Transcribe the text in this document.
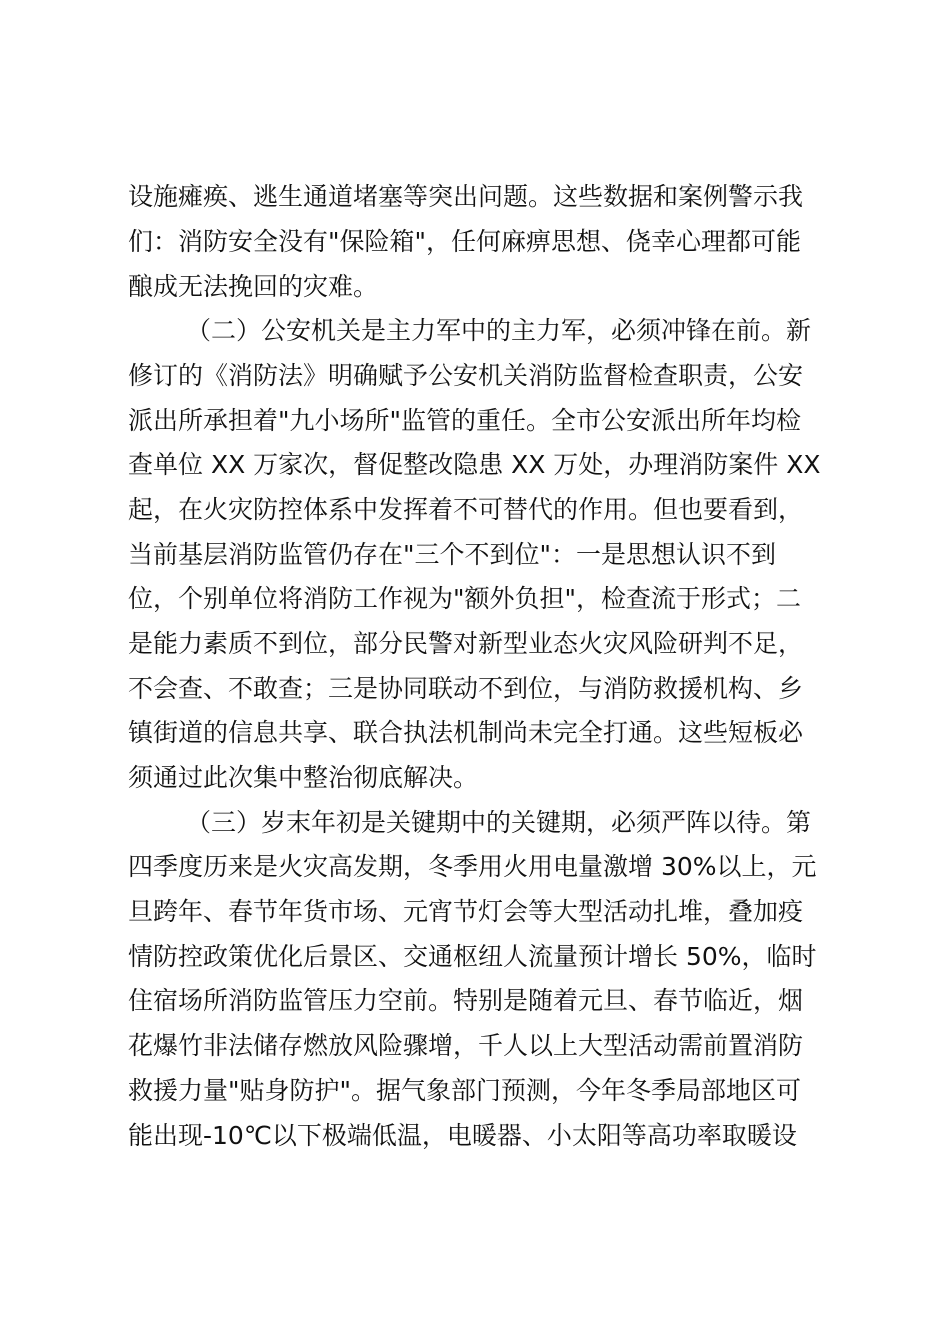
设施瘫痪、逃生通道堵塞等突出问题。这些数据和案例警示我
们：消防安全没有"保险箱"，任何麻痹思想、侥幸心理都可能
酿成无法挽回的灾难。
（二）公安机关是主力军中的主力军，必须冲锋在前。新
修订的《消防法》明确赋予公安机关消防监督检查职责，公安
派出所承担着"九小场所"监管的重任。全市公安派出所年均检
查单位 XX 万家次，督促整改隐患 XX 万处，办理消防案件 XX
起，在火灾防控体系中发挥着不可替代的作用。但也要看到，
当前基层消防监管仍存在"三个不到位"：一是思想认识不到
位，个别单位将消防工作视为"额外负担"，检查流于形式；二
是能力素质不到位，部分民警对新型业态火灾风险研判不足，
不会查、不敢查；三是协同联动不到位，与消防救援机构、乡
镇街道的信息共享、联合执法机制尚未完全打通。这些短板必
须通过此次集中整治彻底解决。
（三）岁末年初是关键期中的关键期，必须严阵以待。第
四季度历来是火灾高发期，冬季用火用电量激增 30%以上，元
旦跨年、春节年货市场、元宵节灯会等大型活动扎堆，叠加疫
情防控政策优化后景区、交通枢纽人流量预计增长 50%，临时
住宿场所消防监管压力空前。特别是随着元旦、春节临近，烟
花爆竹非法储存燃放风险骤增，千人以上大型活动需前置消防
救援力量"贴身防护"。据气象部门预测，今年冬季局部地区可
能出现-10℃以下极端低温，电暖器、小太阳等高功率取暖设
